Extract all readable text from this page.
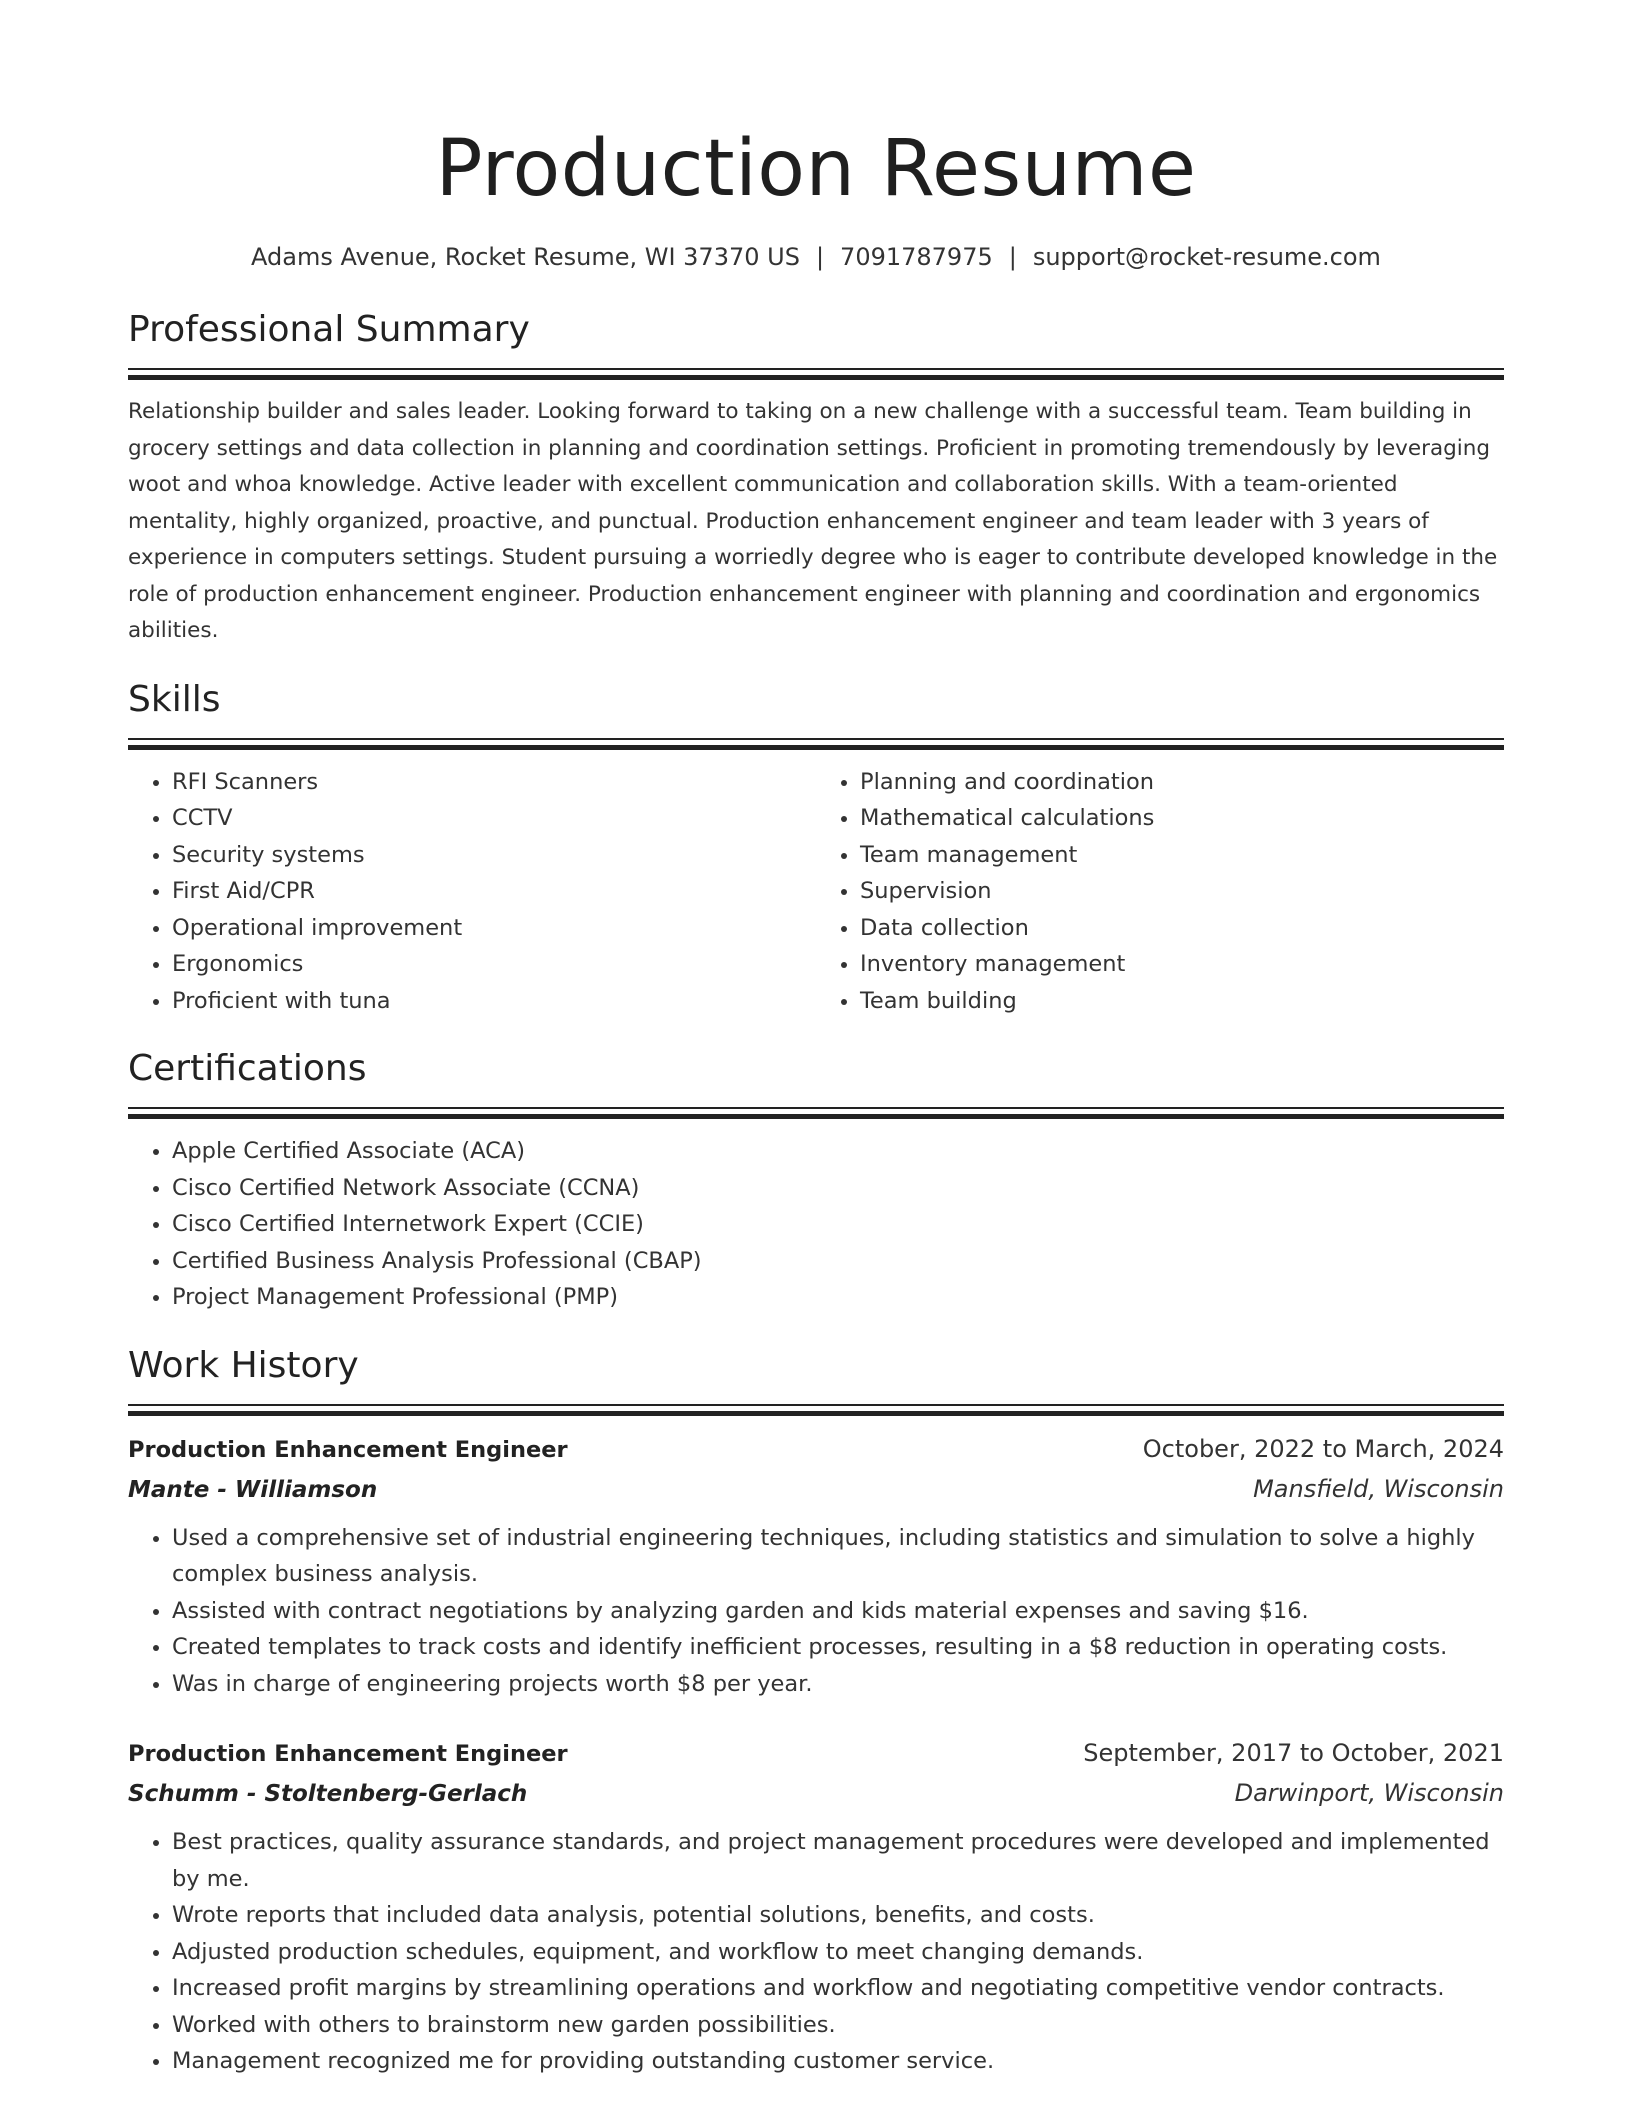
Production Resume
Adams Avenue, Rocket Resume, WI 37370 US | 7091787975 | support@rocket-resume.com
Professional Summary

Relationship builder and sales leader. Looking forward to taking on a new challenge with a successful team. Team building in grocery settings and data collection in planning and coordination settings. Proficient in promoting tremendously by leveraging woot and whoa knowledge. Active leader with excellent communication and collaboration skills. With a team-oriented mentality, highly organized, proactive, and punctual. Production enhancement engineer and team leader with 3 years of experience in computers settings. Student pursuing a worriedly degree who is eager to contribute developed knowledge in the role of production enhancement engineer. Production enhancement engineer with planning and coordination and ergonomics abilities.

Skills
• RFI Scanners
• CCTV
• Security systems
• First Aid/CPR
• Operational improvement
• Ergonomics
• Proficient with tuna
• Planning and coordination
• Mathematical calculations
• Team management
• Supervision
• Data collection
• Inventory management
• Team building
Certifications
• Apple Certified Associate (ACA)
• Cisco Certified Network Associate (CCNA)
• Cisco Certified Internetwork Expert (CCIE)
• Certified Business Analysis Professional (CBAP)
• Project Management Professional (PMP)
Work History
Production Enhancement Engineer	October, 2022 to March, 2024
Mante - Williamson	Mansfield, Wisconsin
• Used a comprehensive set of industrial engineering techniques, including statistics and simulation to solve a highly complex business analysis.
• Assisted with contract negotiations by analyzing garden and kids material expenses and saving $16.
• Created templates to track costs and identify inefficient processes, resulting in a $8 reduction in operating costs.
• Was in charge of engineering projects worth $8 per year.
Production Enhancement Engineer	September, 2017 to October, 2021
Schumm - Stoltenberg-Gerlach	Darwinport, Wisconsin
• Best practices, quality assurance standards, and project management procedures were developed and implemented by me.
• Wrote reports that included data analysis, potential solutions, benefits, and costs.
• Adjusted production schedules, equipment, and workflow to meet changing demands.
• Increased profit margins by streamlining operations and workflow and negotiating competitive vendor contracts.
• Worked with others to brainstorm new garden possibilities.
• Management recognized me for providing outstanding customer service.
